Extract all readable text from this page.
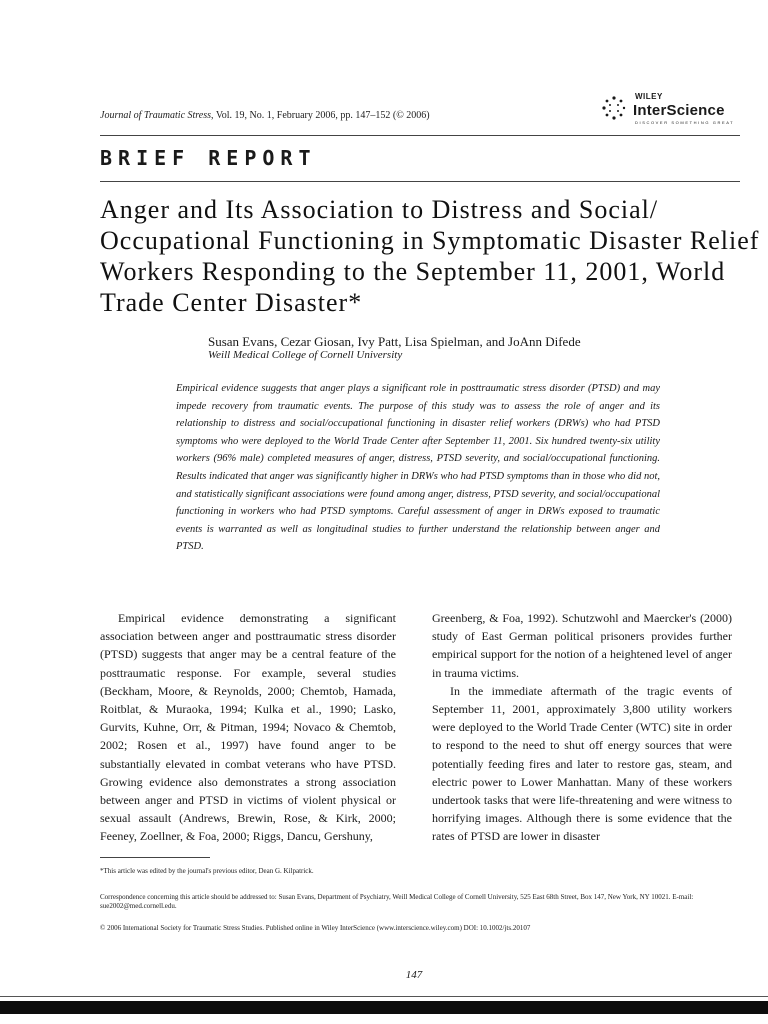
Journal of Traumatic Stress, Vol. 19, No. 1, February 2006, pp. 147–152 (© 2006)
WILEY
InterScience
DISCOVER SOMETHING GREAT
BRIEF REPORT
Anger and Its Association to Distress and Social/ Occupational Functioning in Symptomatic Disaster Relief Workers Responding to the September 11, 2001, World Trade Center Disaster*
Susan Evans, Cezar Giosan, Ivy Patt, Lisa Spielman, and JoAnn Difede
Weill Medical College of Cornell University
Empirical evidence suggests that anger plays a significant role in posttraumatic stress disorder (PTSD) and may impede recovery from traumatic events. The purpose of this study was to assess the role of anger and its relationship to distress and social/occupational functioning in disaster relief workers (DRWs) who had PTSD symptoms who were deployed to the World Trade Center after September 11, 2001. Six hundred twenty-six utility workers (96% male) completed measures of anger, distress, PTSD severity, and social/occupational functioning. Results indicated that anger was significantly higher in DRWs who had PTSD symptoms than in those who did not, and statistically significant associations were found among anger, distress, PTSD severity, and social/occupational functioning in workers who had PTSD symptoms. Careful assessment of anger in DRWs exposed to traumatic events is warranted as well as longitudinal studies to further understand the relationship between anger and PTSD.

Empirical evidence demonstrating a significant association between anger and posttraumatic stress disorder (PTSD) suggests that anger may be a central feature of the posttraumatic response. For example, several studies (Beckham, Moore, & Reynolds, 2000; Chemtob, Hamada, Roitblat, & Muraoka, 1994; Kulka et al., 1990; Lasko, Gurvits, Kuhne, Orr, & Pitman, 1994; Novaco & Chemtob, 2002; Rosen et al., 1997) have found anger to be substantially elevated in combat veterans who have PTSD. Growing evidence also demonstrates a strong association between anger and PTSD in victims of violent physical or sexual assault (Andrews, Brewin, Rose, & Kirk, 2000; Feeney, Zoellner, & Foa, 2000; Riggs, Dancu, Gershuny,

Greenberg, & Foa, 1992). Schutzwohl and Maercker's (2000) study of East German political prisoners provides further empirical support for the notion of a heightened level of anger in trauma victims.

In the immediate aftermath of the tragic events of September 11, 2001, approximately 3,800 utility workers were deployed to the World Trade Center (WTC) site in order to respond to the need to shut off energy sources that were potentially feeding fires and later to restore gas, steam, and electric power to Lower Manhattan. Many of these workers undertook tasks that were life-threatening and were witness to horrifying images. Although there is some evidence that the rates of PTSD are lower in disaster

*This article was edited by the journal's previous editor, Dean G. Kilpatrick.
Correspondence concerning this article should be addressed to: Susan Evans, Department of Psychiatry, Weill Medical College of Cornell University, 525 East 68th Street, Box 147, New York, NY 10021. E-mail: sue2002@med.cornell.edu.
© 2006 International Society for Traumatic Stress Studies. Published online in Wiley InterScience (www.interscience.wiley.com) DOI: 10.1002/jts.20107
147
